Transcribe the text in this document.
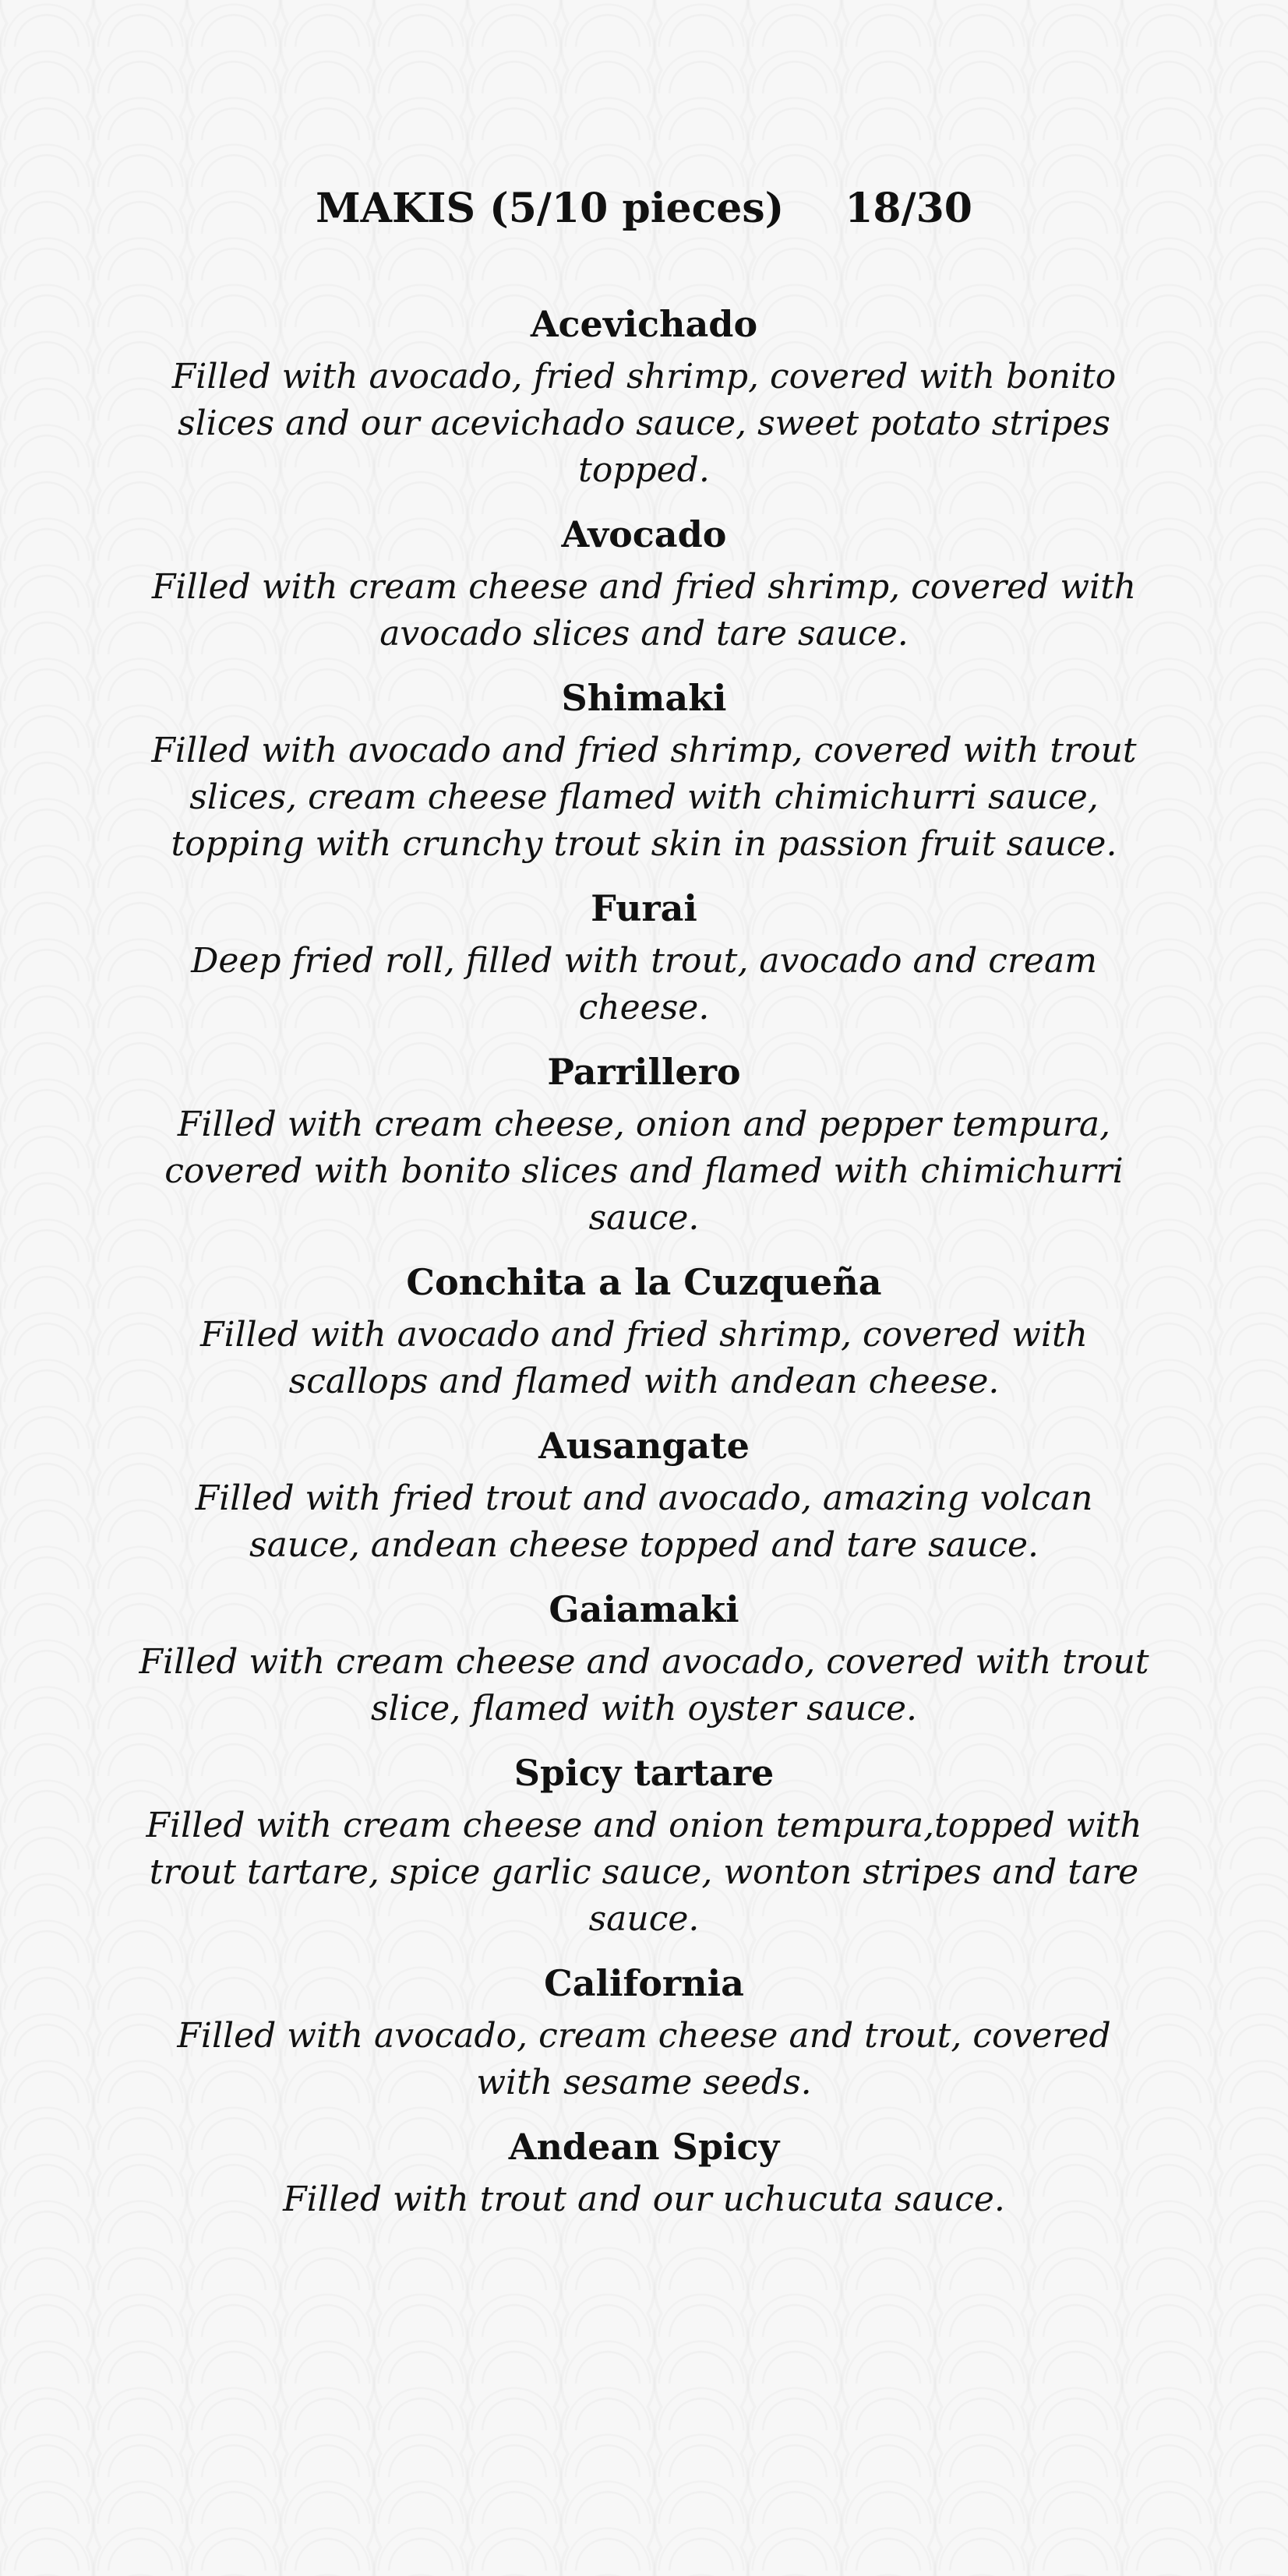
MAKIS (5/10 pieces) 18/30
Acevichado
Filled with avocado, fried shrimp, covered with bonito slices and our acevichado sauce, sweet potato stripes topped.
Avocado
Filled with cream cheese and fried shrimp, covered with avocado slices and tare sauce.
Shimaki
Filled with avocado and fried shrimp, covered with trout slices, cream cheese flamed with chimichurri sauce, topping with crunchy trout skin in passion fruit sauce.
Furai
Deep fried roll, filled with trout, avocado and cream cheese.
Parrillero
Filled with cream cheese, onion and pepper tempura, covered with bonito slices and flamed with chimichurri sauce.
Conchita a la Cuzqueña
Filled with avocado and fried shrimp, covered with scallops and flamed with andean cheese.
Ausangate
Filled with fried trout and avocado, amazing volcan sauce, andean cheese topped and tare sauce.
Gaiamaki
Filled with cream cheese and avocado, covered with trout slice, flamed with oyster sauce.
Spicy tartare
Filled with cream cheese and onion tempura,topped with trout tartare, spice garlic sauce, wonton stripes and tare sauce.
California
Filled with avocado, cream cheese and trout, covered with sesame seeds.
Andean Spicy
Filled with trout and our uchucuta sauce.
